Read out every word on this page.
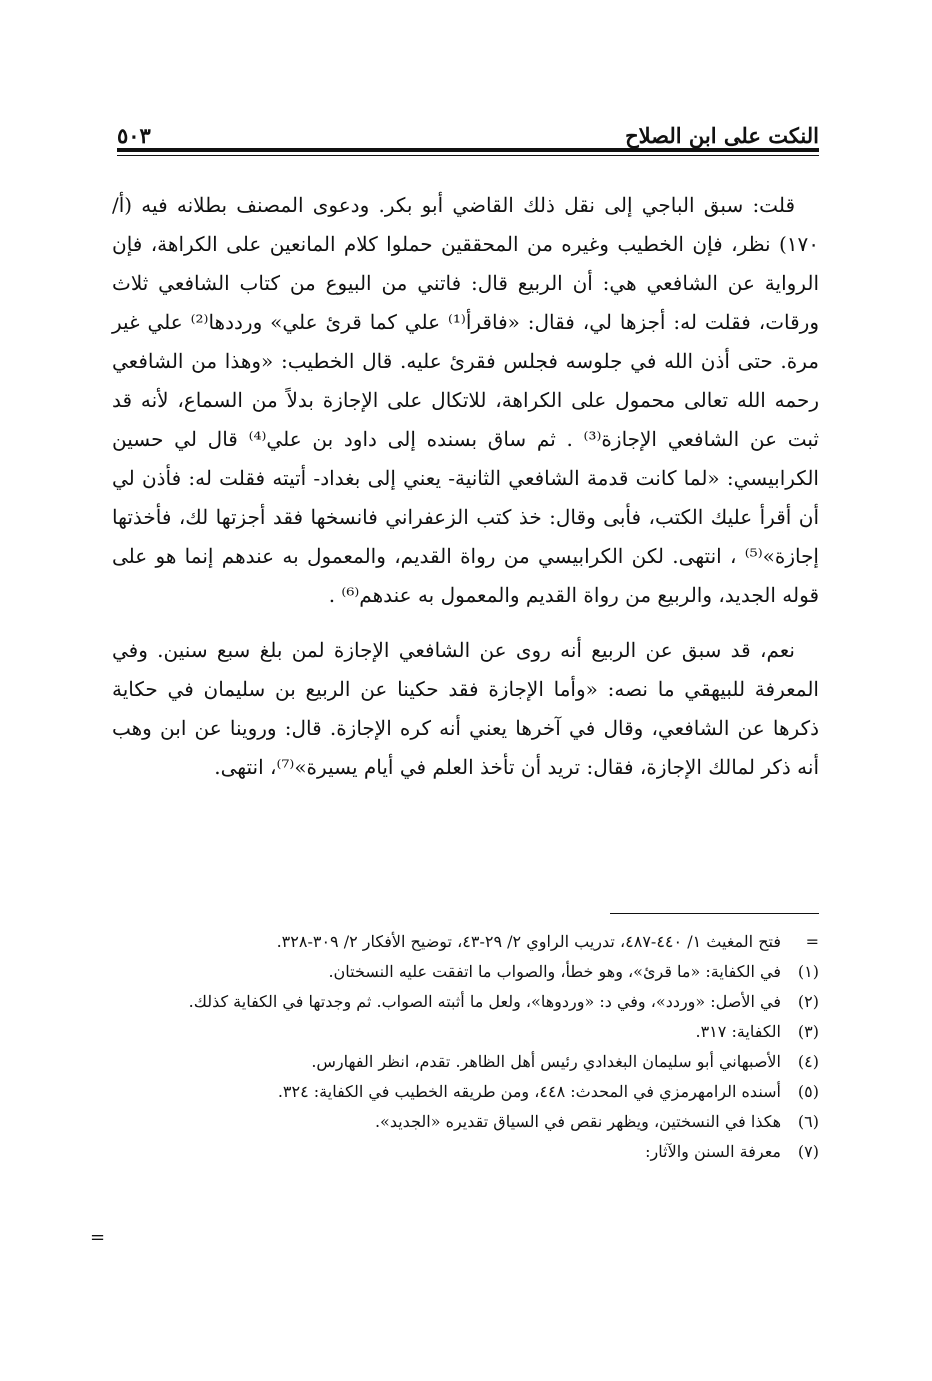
النكت على ابن الصلاح
٥٠٣

قلت: سبق الباجي إلى نقل ذلك القاضي أبو بكر. ودعوى المصنف بطلانه فيه (أ/ ١٧٠) نظر، فإن الخطيب وغيره من المحققين حملوا كلام المانعين على الكراهة، فإن الرواية عن الشافعي هي: أن الربيع قال: فاتني من البيوع من كتاب الشافعي ثلاث ورقات، فقلت له: أجزها لي، فقال: «فاقرأ⁽¹⁾ علي كما قرئ علي» ورددها⁽²⁾ علي غير مرة. حتى أذن الله في جلوسه فجلس فقرئ عليه. قال الخطيب: «وهذا من الشافعي رحمه الله تعالى محمول على الكراهة، للاتكال على الإجازة بدلاً من السماع، لأنه قد ثبت عن الشافعي الإجازة⁽³⁾ . ثم ساق بسنده إلى داود بن علي⁽⁴⁾ قال لي حسين الكرابيسي: «لما كانت قدمة الشافعي الثانية- يعني إلى بغداد- أتيته فقلت له: فأذن لي أن أقرأ عليك الكتب، فأبى وقال: خذ كتب الزعفراني فانسخها فقد أجزتها لك، فأخذتها إجازة»⁽⁵⁾ ، انتهى. لكن الكرابيسي من رواة القديم، والمعمول به عندهم إنما هو على قوله الجديد، والربيع من رواة القديم والمعمول به عندهم⁽⁶⁾ .

نعم، قد سبق عن الربيع أنه روى عن الشافعي الإجازة لمن بلغ سبع سنين. وفي المعرفة للبيهقي ما نصه: «وأما الإجازة فقد حكينا عن الربيع بن سليمان في حكاية ذكرها عن الشافعي، وقال في آخرها يعني أنه كره الإجازة. قال: وروينا عن ابن وهب أنه ذكر لمالك الإجازة، فقال: تريد أن تأخذ العلم في أيام يسيرة»⁽⁷⁾، انتهى.

=
فتح المغيث ١/ ٤٤٠-٤٨٧، تدريب الراوي ٢/ ٢٩-٤٣، توضيح الأفكار ٢/ ٣٠٩-٣٢٨.
(١)
في الكفاية: «ما قرئ»، وهو خطأ، والصواب ما اتفقت عليه النسختان.
(٢)
في الأصل: «وردد»، وفي د: «وردوها»، ولعل ما أثبته الصواب. ثم وجدتها في الكفاية كذلك.
(٣)
الكفاية: ٣١٧.
(٤)
الأصبهاني أبو سليمان البغدادي رئيس أهل الظاهر. تقدم، انظر الفهارس.
(٥)
أسنده الرامهرمزي في المحدث: ٤٤٨، ومن طريقه الخطيب في الكفاية: ٣٢٤.
(٦)
هكذا في النسختين، ويظهر نقص في السياق تقديره «الجديد».
(٧)
معرفة السنن والآثار:
=
